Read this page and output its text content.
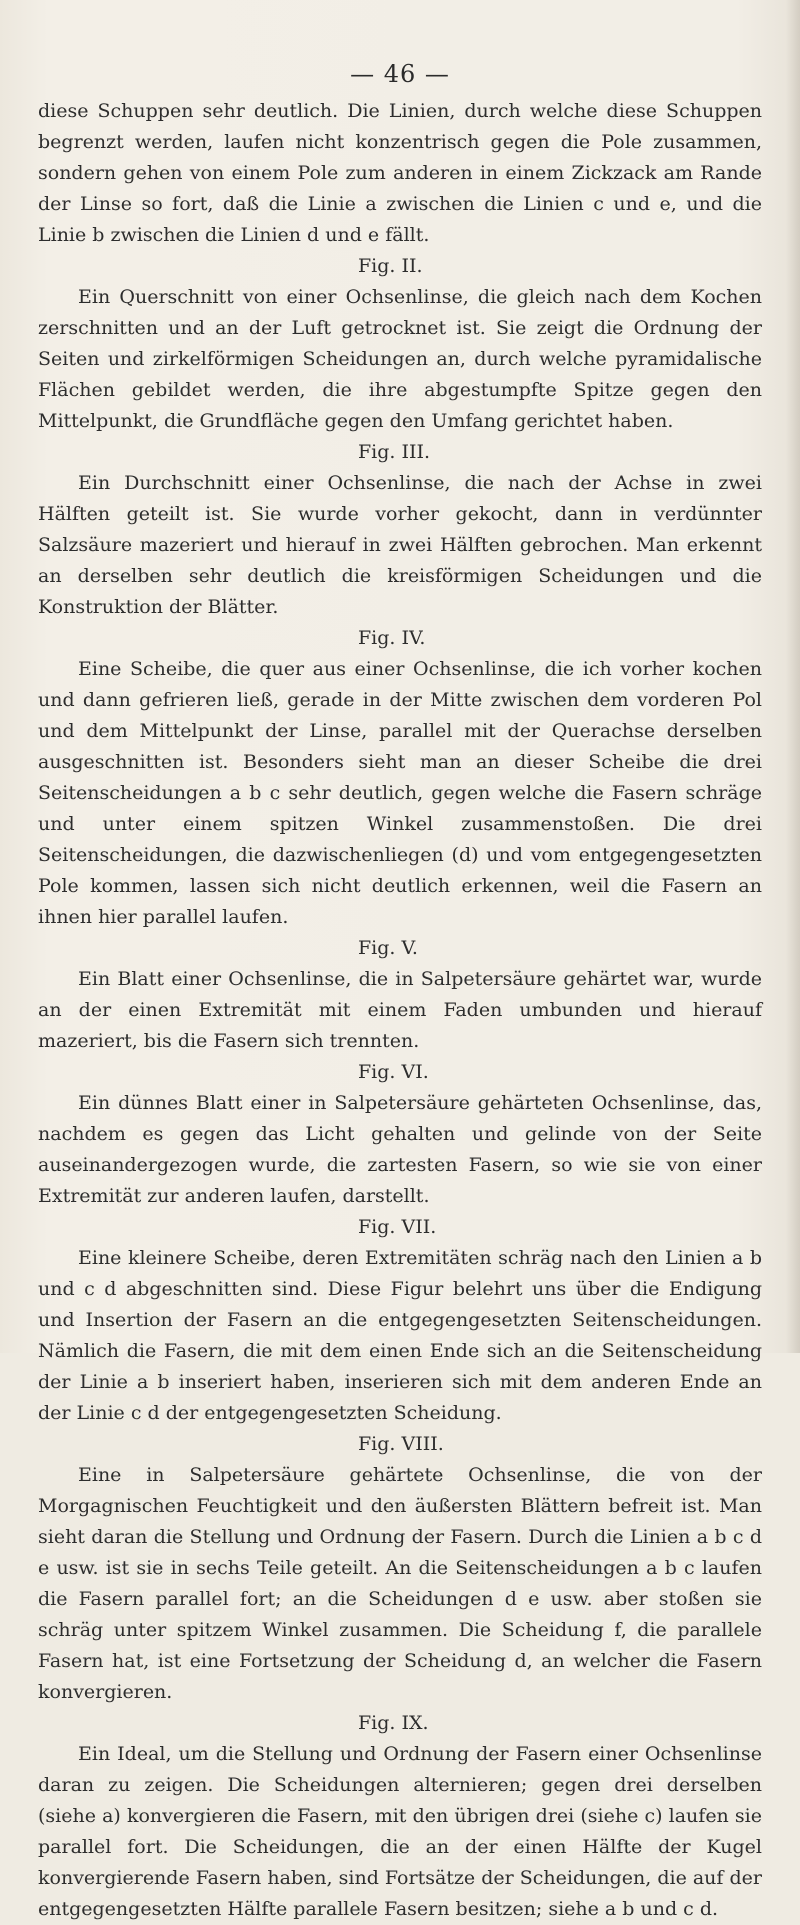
— 46 —

diese Schuppen sehr deutlich. Die Linien, durch welche diese Schuppen begrenzt werden, laufen nicht konzentrisch gegen die Pole zusammen, sondern gehen von einem Pole zum anderen in einem Zickzack am Rande der Linse so fort, daß die Linie a zwischen die Linien c und e, und die Linie b zwischen die Linien d und e fällt.

Fig. II.

Ein Querschnitt von einer Ochsenlinse, die gleich nach dem Kochen zerschnitten und an der Luft getrocknet ist. Sie zeigt die Ordnung der Seiten und zirkelförmigen Scheidungen an, durch welche pyramidalische Flächen gebildet werden, die ihre abgestumpfte Spitze gegen den Mittelpunkt, die Grundfläche gegen den Umfang gerichtet haben.

Fig. III.

Ein Durchschnitt einer Ochsenlinse, die nach der Achse in zwei Hälften geteilt ist. Sie wurde vorher gekocht, dann in verdünnter Salzsäure mazeriert und hierauf in zwei Hälften gebrochen. Man erkennt an derselben sehr deutlich die kreisförmigen Scheidungen und die Konstruktion der Blätter.

Fig. IV.

Eine Scheibe, die quer aus einer Ochsenlinse, die ich vorher kochen und dann gefrieren ließ, gerade in der Mitte zwischen dem vorderen Pol und dem Mittelpunkt der Linse, parallel mit der Querachse derselben ausgeschnitten ist. Besonders sieht man an dieser Scheibe die drei Seitenscheidungen a b c sehr deutlich, gegen welche die Fasern schräge und unter einem spitzen Winkel zusammenstoßen. Die drei Seitenscheidungen, die dazwischenliegen (d) und vom entgegengesetzten Pole kommen, lassen sich nicht deutlich erkennen, weil die Fasern an ihnen hier parallel laufen.

Fig. V.

Ein Blatt einer Ochsenlinse, die in Salpetersäure gehärtet war, wurde an der einen Extremität mit einem Faden umbunden und hierauf mazeriert, bis die Fasern sich trennten.

Fig. VI.

Ein dünnes Blatt einer in Salpetersäure gehärteten Ochsenlinse, das, nachdem es gegen das Licht gehalten und gelinde von der Seite auseinandergezogen wurde, die zartesten Fasern, so wie sie von einer Extremität zur anderen laufen, darstellt.

Fig. VII.

Eine kleinere Scheibe, deren Extremitäten schräg nach den Linien a b und c d abgeschnitten sind. Diese Figur belehrt uns über die Endigung und Insertion der Fasern an die entgegengesetzten Seitenscheidungen. Nämlich die Fasern, die mit dem einen Ende sich an die Seitenscheidung der Linie a b inseriert haben, inserieren sich mit dem anderen Ende an der Linie c d der entgegengesetzten Scheidung.

Fig. VIII.

Eine in Salpetersäure gehärtete Ochsenlinse, die von der Morgagnischen Feuchtigkeit und den äußersten Blättern befreit ist. Man sieht daran die Stellung und Ordnung der Fasern. Durch die Linien a b c d e usw. ist sie in sechs Teile geteilt. An die Seitenscheidungen a b c laufen die Fasern parallel fort; an die Scheidungen d e usw. aber stoßen sie schräg unter spitzem Winkel zusammen. Die Scheidung f, die parallele Fasern hat, ist eine Fortsetzung der Scheidung d, an welcher die Fasern konvergieren.

Fig. IX.

Ein Ideal, um die Stellung und Ordnung der Fasern einer Ochsenlinse daran zu zeigen. Die Scheidungen alternieren; gegen drei derselben (siehe a) konvergieren die Fasern, mit den übrigen drei (siehe c) laufen sie parallel fort. Die Scheidungen, die an der einen Hälfte der Kugel konvergierende Fasern haben, sind Fortsätze der Scheidungen, die auf der entgegengesetzten Hälfte parallele Fasern besitzen; siehe a b und c d.
